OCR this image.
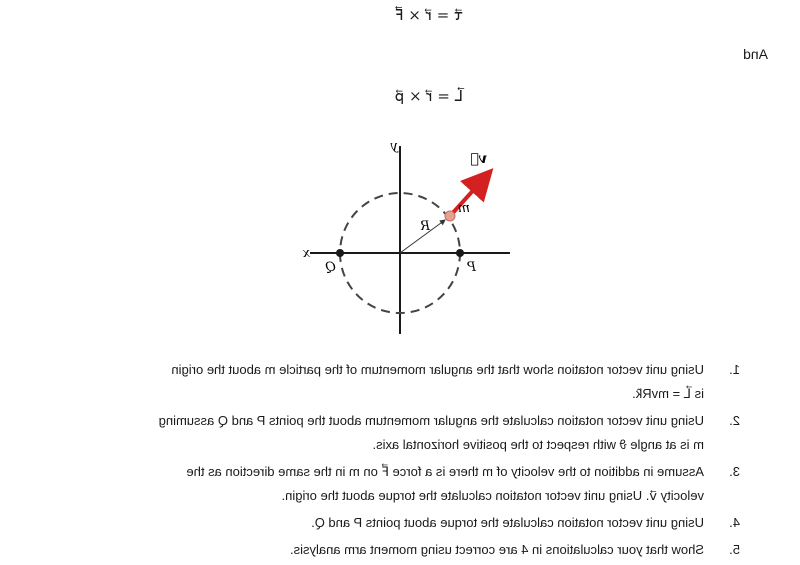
τ⃗ = r⃗ × F⃗
And
L⃗ = r⃗ × p⃗
y
x
v⃗
m
R
P
Q
1.
Using unit vector notation show that the angular momentum of the particle m about the origin
is L⃗ = mvRk̂.
2.
Using unit vector notation calculate the angular momentum about the points P and Q assuming
m is at angle ϑ with respect to the positive horizontal axis.
3.
Assume in addition to the velocity of m there is a force F⃗ on m in the same direction as the
velocity v⃗. Using unit vector notation calculate the torque about the origin.
4.
Using unit vector notation calculate the torque about points P and Q.
5.
Show that your calculations in 4 are correct using moment arm analysis.
